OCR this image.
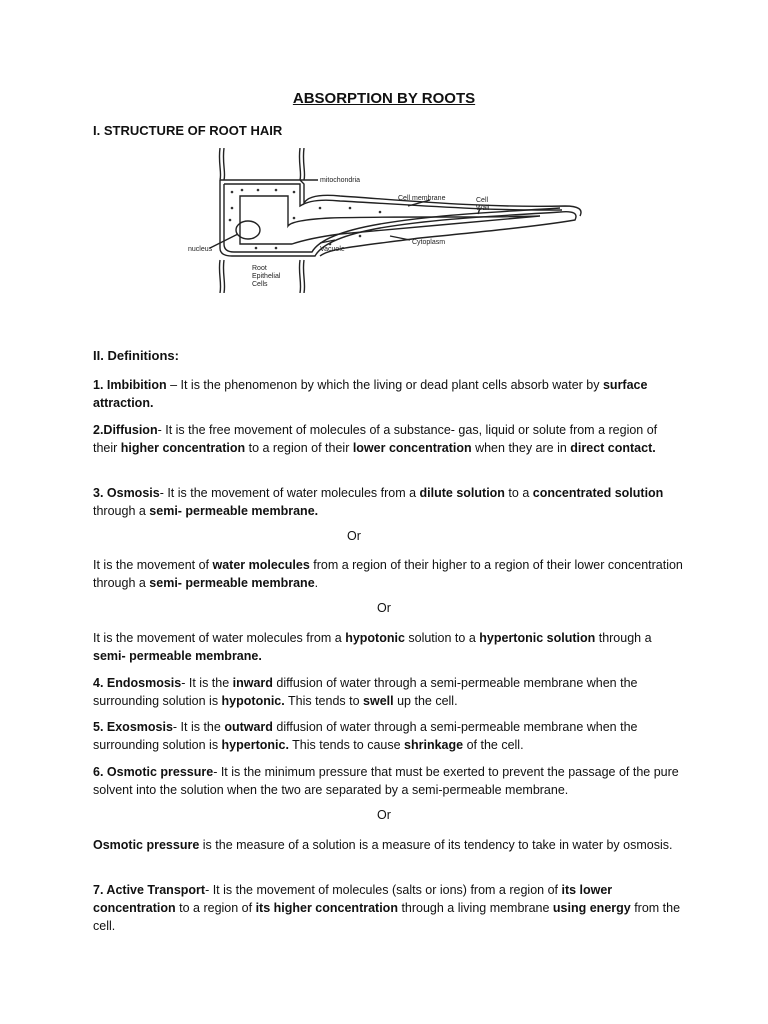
ABSORPTION BY ROOTS
I. STRUCTURE OF ROOT HAIR
mitochondria
Cell membrane	Cell
Wall
nucleus	Vacuole
Cytoplasm
Root
Epithelial
Cells
II. Definitions:

1. Imbibition – It is the phenomenon by which the living or dead plant cells absorb water by surface attraction.

2.Diffusion- It is the free movement of molecules of a substance- gas, liquid or solute from a region of their higher concentration to a region of their lower concentration when they are in direct contact.

3. Osmosis- It is the movement of water molecules from a dilute solution to a concentrated solution through a semi- permeable membrane.

Or

It is the movement of water molecules from a region of their higher to a region of their lower concentration through a semi- permeable membrane.

Or

It is the movement of water molecules from a hypotonic solution to a hypertonic solution through a semi- permeable membrane.

4. Endosmosis- It is the inward diffusion of water through a semi-permeable membrane when the surrounding solution is hypotonic. This tends to swell up the cell.

5. Exosmosis- It is the outward diffusion of water through a semi-permeable membrane when the surrounding solution is hypertonic. This tends to cause shrinkage of the cell.

6. Osmotic pressure- It is the minimum pressure that must be exerted to prevent the passage of the pure solvent into the solution when the two are separated by a semi-permeable membrane.

Or

Osmotic pressure is the measure of a solution is a measure of its tendency to take in water by osmosis.

7. Active Transport- It is the movement of molecules (salts or ions) from a region of its lower concentration to a region of its higher concentration through a living membrane using energy from the cell.
